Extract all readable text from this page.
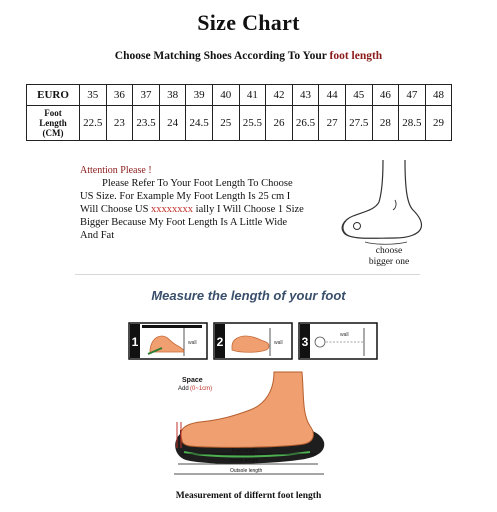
Size Chart
Choose Matching Shoes According To Your foot length
EURO	35	36	37	38	39	40	41	42	43	44	45	46	47	48
Foot
Length
(CM)	22.5	23	23.5	24	24.5	25	25.5	26	26.5	27	27.5	28	28.5	29
Attention Please !
Please Refer To Your Foot Length To Choose
US Size. For Example My Foot Length Is 25 cm I
Will Choose US xxxxxxxx ially I Will Choose 1 Size
Bigger Because My Foot Length Is A Little Wide
And Fat
choose
bigger one
Measure the length of your foot
1	wall 2	wall 3	wall
Space
Add (0~1cm)
Foot length
Insole length
Outsole length
Measurement of differnt foot length
